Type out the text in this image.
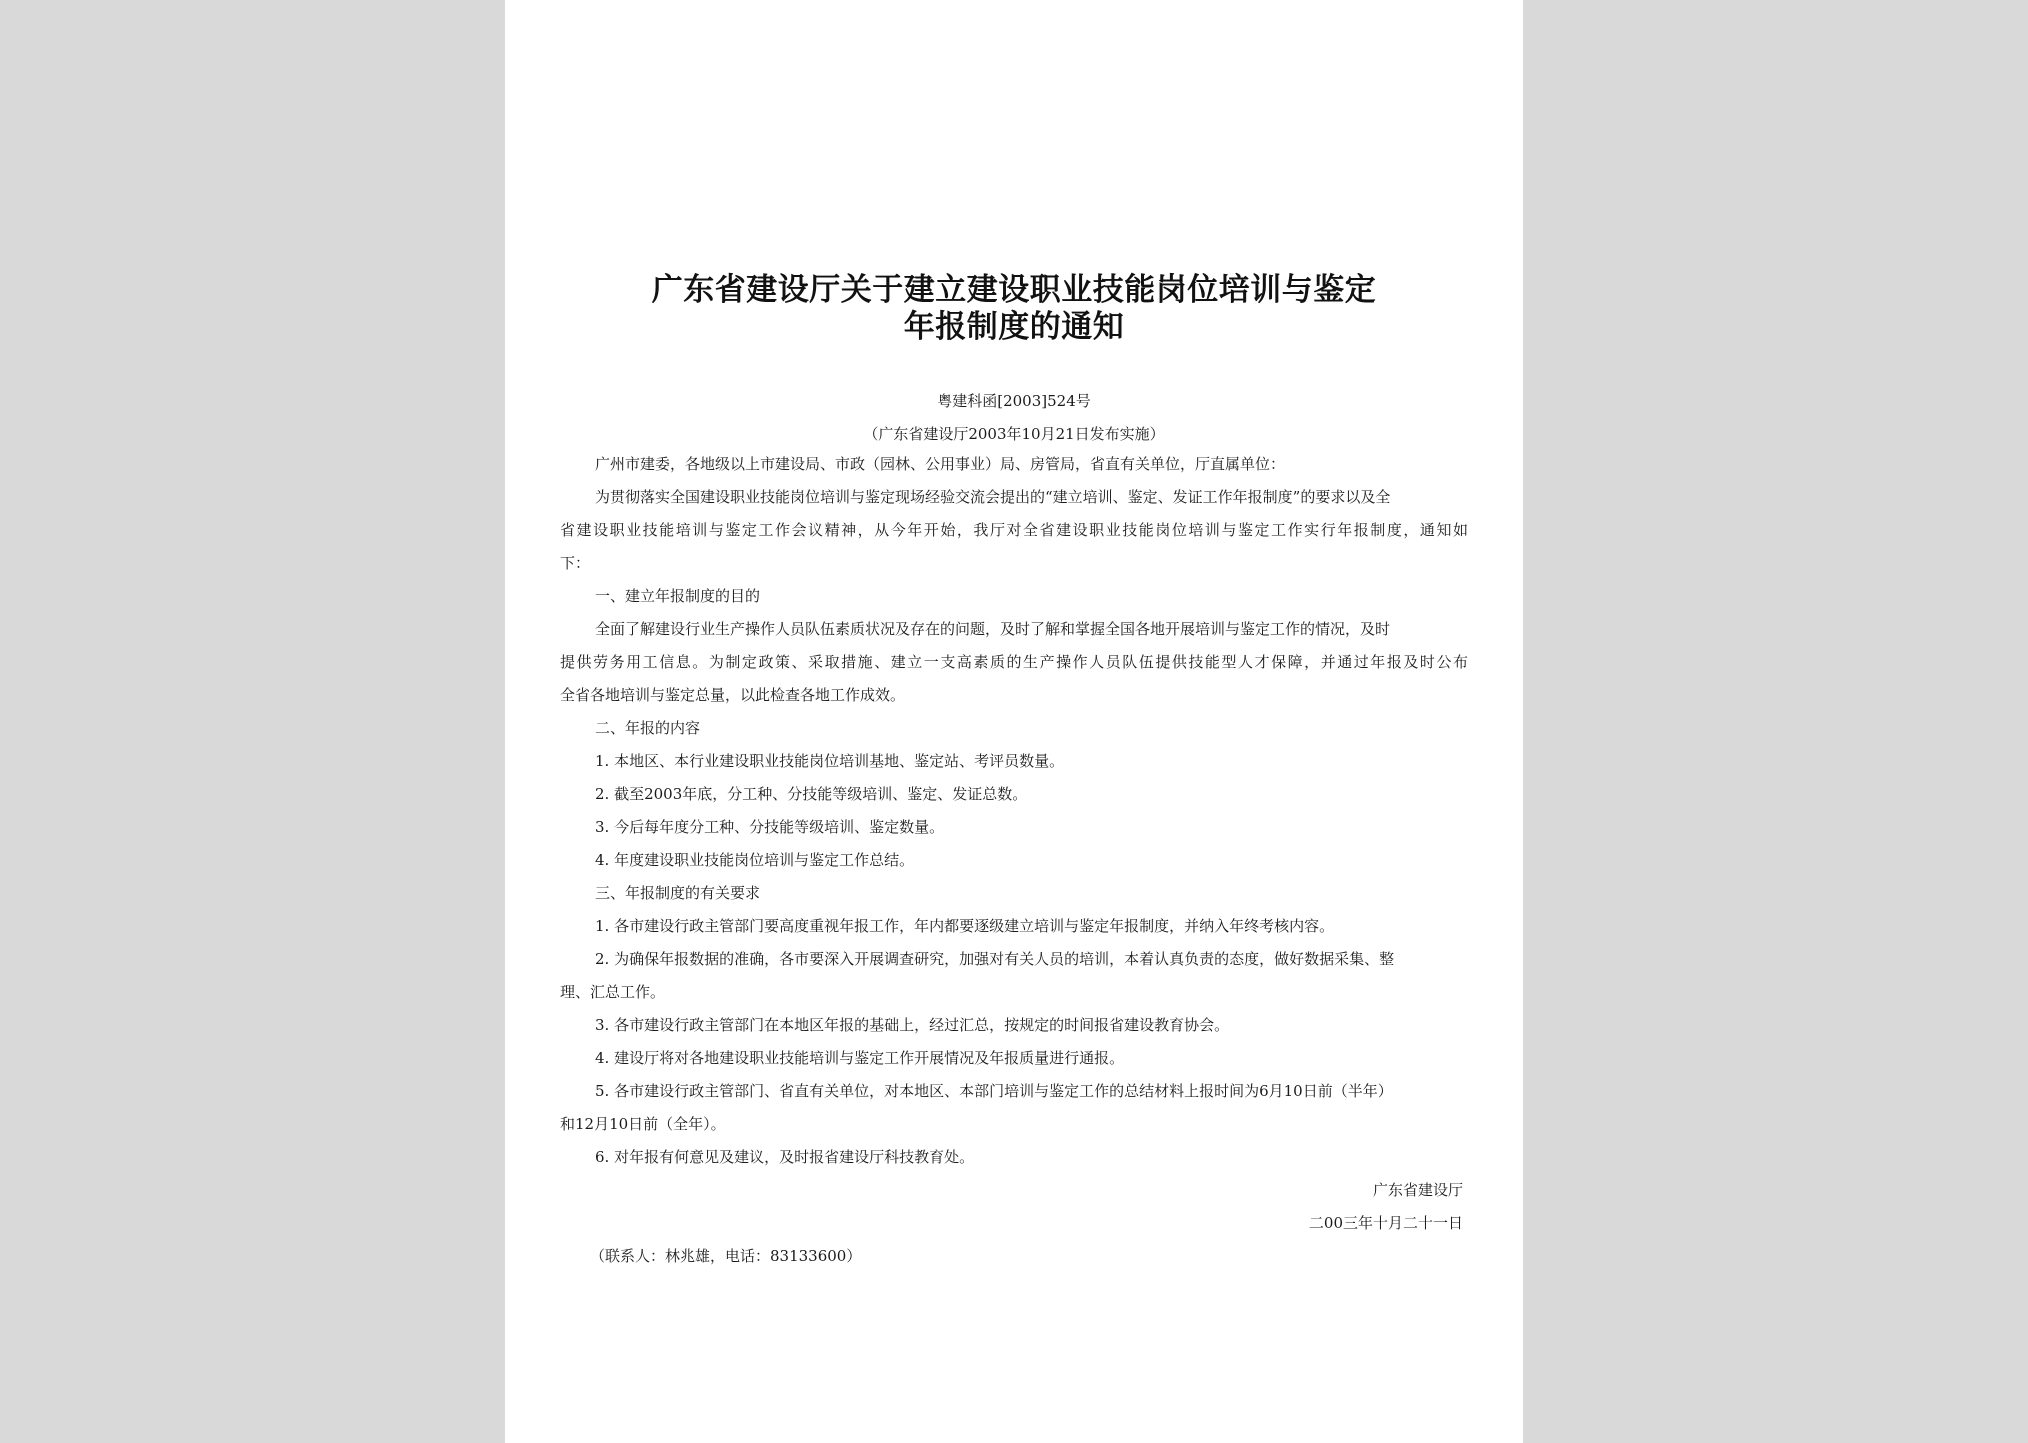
广东省建设厅关于建立建设职业技能岗位培训与鉴定
年报制度的通知
粤建科函[2003]524号
（广东省建设厅2003年10月21日发布实施）
广州市建委，各地级以上市建设局、市政（园林、公用事业）局、房管局，省直有关单位，厅直属单位：
为贯彻落实全国建设职业技能岗位培训与鉴定现场经验交流会提出的“建立培训、鉴定、发证工作年报制度”的要求以及全
省建设职业技能培训与鉴定工作会议精神，从今年开始，我厅对全省建设职业技能岗位培训与鉴定工作实行年报制度，通知如
下：
一、建立年报制度的目的
全面了解建设行业生产操作人员队伍素质状况及存在的问题，及时了解和掌握全国各地开展培训与鉴定工作的情况，及时
提供劳务用工信息。为制定政策、采取措施、建立一支高素质的生产操作人员队伍提供技能型人才保障，并通过年报及时公布
全省各地培训与鉴定总量，以此检查各地工作成效。
二、年报的内容
1. 本地区、本行业建设职业技能岗位培训基地、鉴定站、考评员数量。
2. 截至2003年底，分工种、分技能等级培训、鉴定、发证总数。
3. 今后每年度分工种、分技能等级培训、鉴定数量。
4. 年度建设职业技能岗位培训与鉴定工作总结。
三、年报制度的有关要求
1. 各市建设行政主管部门要高度重视年报工作，年内都要逐级建立培训与鉴定年报制度，并纳入年终考核内容。
2. 为确保年报数据的准确，各市要深入开展调查研究，加强对有关人员的培训，本着认真负责的态度，做好数据采集、整
理、汇总工作。
3. 各市建设行政主管部门在本地区年报的基础上，经过汇总，按规定的时间报省建设教育协会。
4. 建设厅将对各地建设职业技能培训与鉴定工作开展情况及年报质量进行通报。
5. 各市建设行政主管部门、省直有关单位，对本地区、本部门培训与鉴定工作的总结材料上报时间为6月10日前（半年）
和12月10日前（全年）。
6. 对年报有何意见及建议，及时报省建设厅科技教育处。
广东省建设厅
二00三年十月二十一日
（联系人：林兆雄，电话：83133600）
